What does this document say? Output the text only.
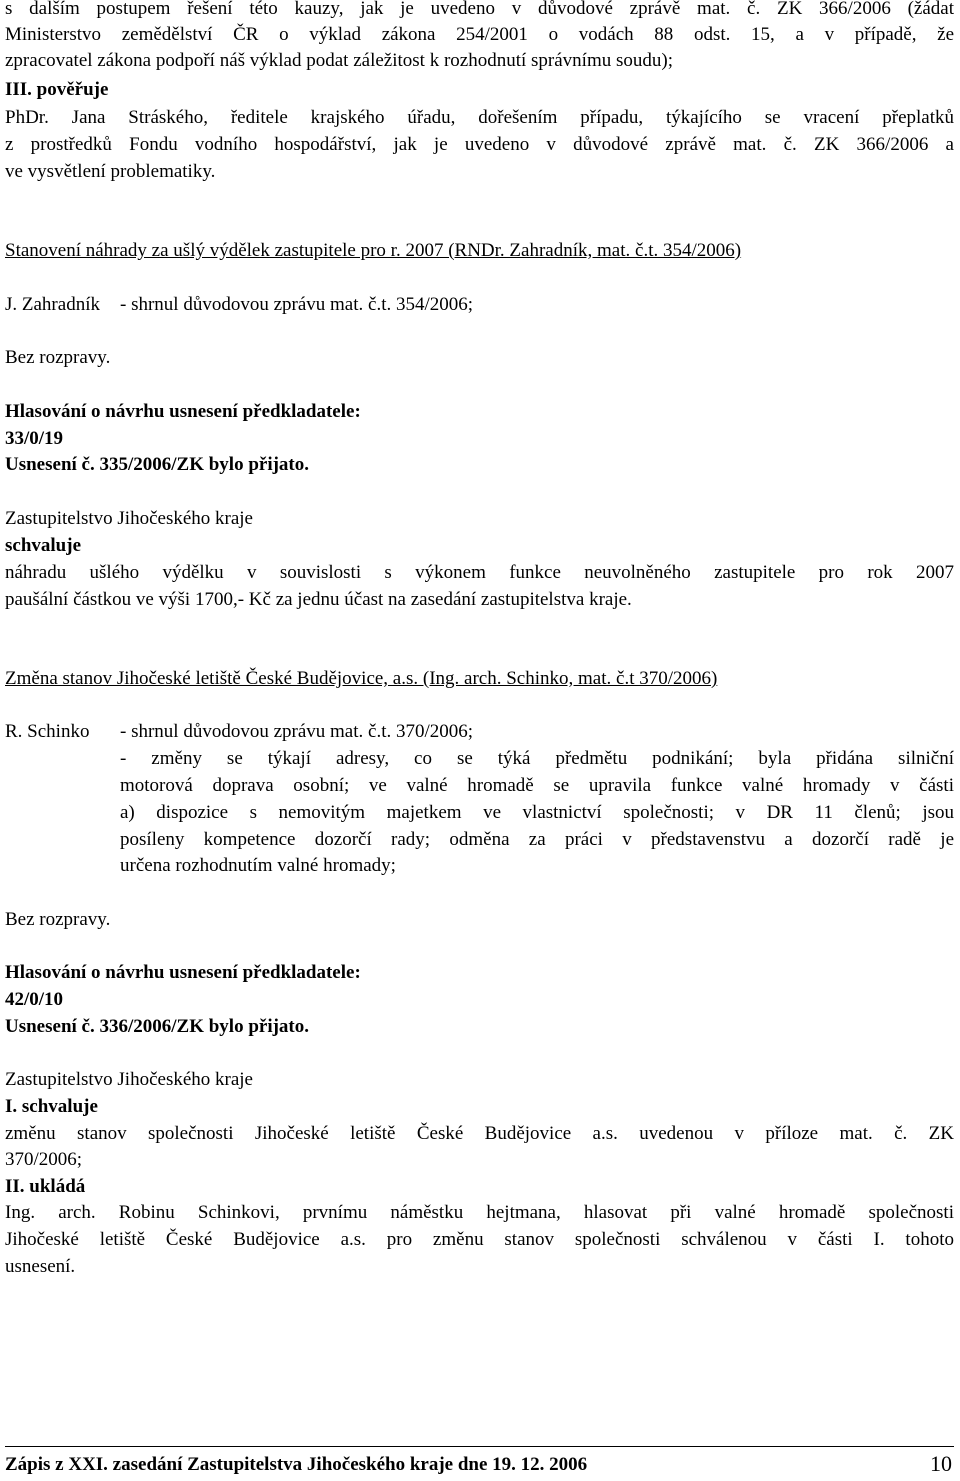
s dalším postupem řešení této kauzy, jak je uvedeno v důvodové zprávě mat. č. ZK 366/2006 (žádat
Ministerstvo zemědělství ČR o výklad zákona 254/2001 o vodách 88 odst. 15, a v případě, že
zpracovatel zákona podpoří náš výklad podat záležitost k rozhodnutí správnímu soudu);
III. pověřuje
PhDr. Jana Stráského, ředitele krajského úřadu, dořešením případu, týkajícího se vracení přeplatků
z prostředků Fondu vodního hospodářství, jak je uvedeno v důvodové zprávě mat. č. ZK 366/2006 a
ve vysvětlení problematiky.
Stanovení náhrady za ušlý výdělek zastupitele pro r. 2007 (RNDr. Zahradník, mat. č.t. 354/2006)
J. Zahradník - shrnul důvodovou zprávu mat. č.t. 354/2006;
Bez rozpravy.
Hlasování o návrhu usnesení předkladatele:
33/0/19
Usnesení č. 335/2006/ZK bylo přijato.
Zastupitelstvo Jihočeského kraje
schvaluje
náhradu ušlého výdělku v souvislosti s výkonem funkce neuvolněného zastupitele pro rok 2007
paušální částkou ve výši 1700,- Kč za jednu účast na zasedání zastupitelstva kraje.
Změna stanov Jihočeské letiště České Budějovice, a.s. (Ing. arch. Schinko, mat. č.t 370/2006)
R. Schinko - shrnul důvodovou zprávu mat. č.t. 370/2006;
- změny se týkají adresy, co se týká předmětu podnikání; byla přidána silniční
motorová doprava osobní; ve valné hromadě se upravila funkce valné hromady v části
a) dispozice s nemovitým majetkem ve vlastnictví společnosti; v DR 11 členů; jsou
posíleny kompetence dozorčí rady; odměna za práci v představenstvu a dozorčí radě je
určena rozhodnutím valné hromady;
Bez rozpravy.
Hlasování o návrhu usnesení předkladatele:
42/0/10
Usnesení č. 336/2006/ZK bylo přijato.
Zastupitelstvo Jihočeského kraje
I. schvaluje
změnu stanov společnosti Jihočeské letiště České Budějovice a.s. uvedenou v příloze mat. č. ZK
370/2006;
II. ukládá
Ing. arch. Robinu Schinkovi, prvnímu náměstku hejtmana, hlasovat při valné hromadě společnosti
Jihočeské letiště České Budějovice a.s. pro změnu stanov společnosti schválenou v části I. tohoto
usnesení.
Zápis z XXI. zasedání Zastupitelstva Jihočeského kraje dne 19. 12. 2006	10
